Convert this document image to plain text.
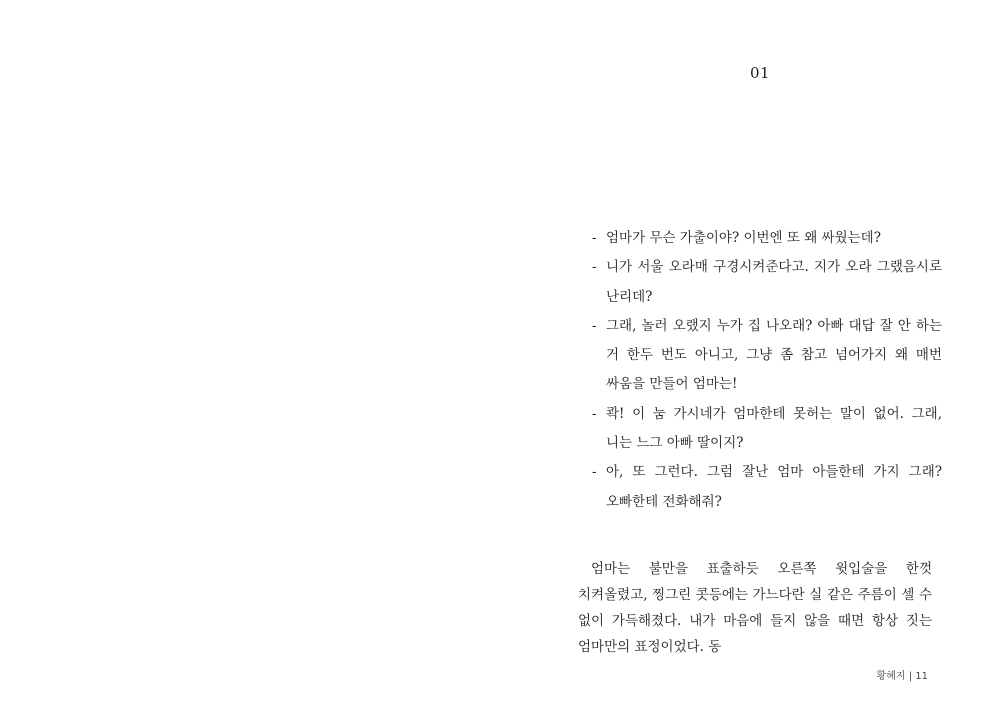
01
- 엄마가 무슨 가출이야? 이번엔 또 왜 싸웠는데?
- 니가 서울 오라매 구경시켜준다고. 지가 오라 그랬음시로 난리데?
- 그래, 놀러 오랬지 누가 집 나오래? 아빠 대답 잘 안 하는 거 한두 번도 아니고, 그냥 좀 참고 넘어가지 왜 매번 싸움을 만들어 엄마는!
- 콱! 이 눔 가시네가 엄마한테 못허는 말이 없어. 그래, 니는 느그 아빠 딸이지?
- 아, 또 그런다. 그럼 잘난 엄마 아들한테 가지 그래? 오빠한테 전화해줘?

엄마는 불만을 표출하듯 오른쪽 윗입술을 한껏 치켜올렸고, 찡그린 콧등에는 가느다란 실 같은 주름이 셀 수 없이 가득해졌다. 내가 마음에 들지 않을 때면 항상 짓는 엄마만의 표정이었다. 동

황혜지 | 11
